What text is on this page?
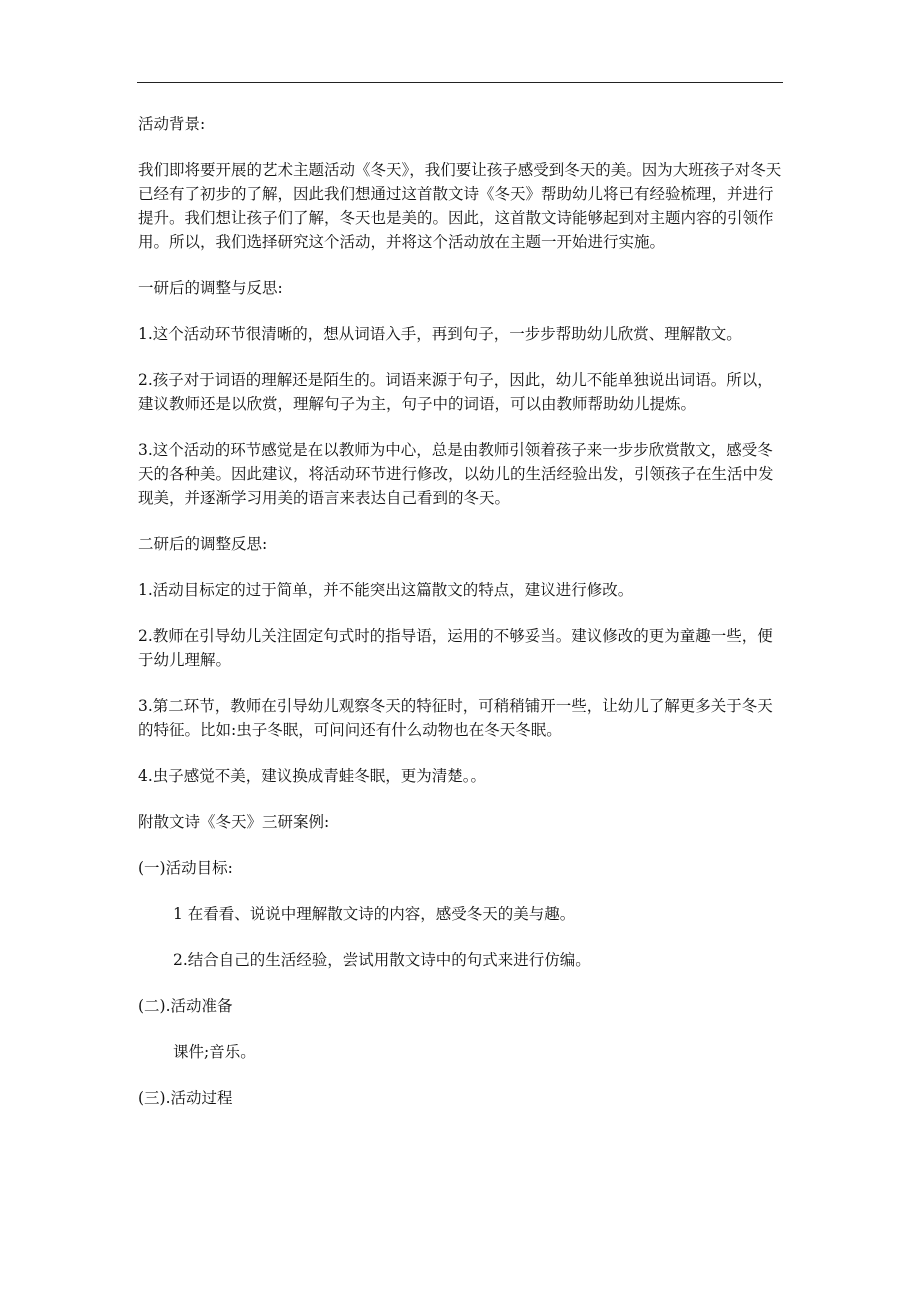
活动背景:

我们即将要开展的艺术主题活动《冬天》，我们要让孩子感受到冬天的美。因为大班孩子对冬天已经有了初步的了解，因此我们想通过这首散文诗《冬天》帮助幼儿将已有经验梳理，并进行提升。我们想让孩子们了解，冬天也是美的。因此，这首散文诗能够起到对主题内容的引领作用。所以，我们选择研究这个活动，并将这个活动放在主题一开始进行实施。

一研后的调整与反思:

1.这个活动环节很清晰的，想从词语入手，再到句子，一步步帮助幼儿欣赏、理解散文。

2.孩子对于词语的理解还是陌生的。词语来源于句子，因此，幼儿不能单独说出词语。所以，建议教师还是以欣赏，理解句子为主，句子中的词语，可以由教师帮助幼儿提炼。

3.这个活动的环节感觉是在以教师为中心，总是由教师引领着孩子来一步步欣赏散文，感受冬天的各种美。因此建议，将活动环节进行修改，以幼儿的生活经验出发，引领孩子在生活中发现美，并逐渐学习用美的语言来表达自己看到的冬天。

二研后的调整反思:

1.活动目标定的过于简单，并不能突出这篇散文的特点，建议进行修改。

2.教师在引导幼儿关注固定句式时的指导语，运用的不够妥当。建议修改的更为童趣一些，便于幼儿理解。

3.第二环节，教师在引导幼儿观察冬天的特征时，可稍稍铺开一些，让幼儿了解更多关于冬天的特征。比如:虫子冬眠，可问问还有什么动物也在冬天冬眠。

4.虫子感觉不美，建议换成青蛙冬眠，更为清楚。。

附散文诗《冬天》三研案例:

(一)活动目标:

1 在看看、说说中理解散文诗的内容，感受冬天的美与趣。

2.结合自己的生活经验，尝试用散文诗中的句式来进行仿编。

(二).活动准备

课件;音乐。

(三).活动过程
